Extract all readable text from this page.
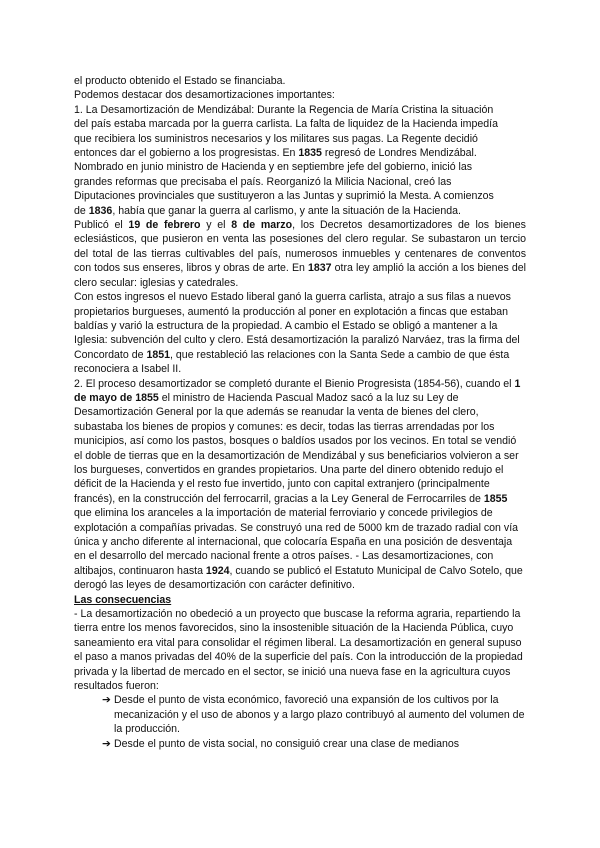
el producto obtenido el Estado se financiaba.

Podemos destacar dos desamortizaciones importantes:

1. La Desamortización de Mendizábal: Durante la Regencia de María Cristina la situación

del país estaba marcada por la guerra carlista. La falta de liquidez de la Hacienda impedía

que recibiera los suministros necesarios y los militares sus pagas. La Regente decidió

entonces dar el gobierno a los progresistas. En 1835 regresó de Londres Mendizábal.

Nombrado en junio ministro de Hacienda y en septiembre jefe del gobierno, inició las

grandes reformas que precisaba el país. Reorganizó la Milicia Nacional, creó las

Diputaciones provinciales que sustituyeron a las Juntas y suprimió la Mesta. A comienzos

de 1836, había que ganar la guerra al carlismo, y ante la situación de la Hacienda.

Publicó el 19 de febrero y el 8 de marzo, los Decretos desamortizadores de los bienes eclesiásticos, que pusieron en venta las posesiones del clero regular. Se subastaron un tercio del total de las tierras cultivables del país, numerosos inmuebles y centenares de conventos con todos sus enseres, libros y obras de arte. En 1837 otra ley amplió la acción a los bienes del clero secular: iglesias y catedrales.

Con estos ingresos el nuevo Estado liberal ganó la guerra carlista, atrajo a sus filas a nuevos propietarios burgueses, aumentó la producción al poner en explotación a fincas que estaban baldías y varió la estructura de la propiedad. A cambio el Estado se obligó a mantener a la Iglesia: subvención del culto y clero. Está desamortización la paralizó Narváez, tras la firma del Concordato de 1851, que restableció las relaciones con la Santa Sede a cambio de que ésta reconociera a Isabel II.

2. El proceso desamortizador se completó durante el Bienio Progresista (1854-56), cuando el 1 de mayo de 1855 el ministro de Hacienda Pascual Madoz sacó a la luz su Ley de Desamortización General por la que además se reanudar la venta de bienes del clero, subastaba los bienes de propios y comunes: es decir, todas las tierras arrendadas por los municipios, así como los pastos, bosques o baldíos usados por los vecinos. En total se vendió el doble de tierras que en la desamortización de Mendizábal y sus beneficiarios volvieron a ser los burgueses, convertidos en grandes propietarios. Una parte del dinero obtenido redujo el déficit de la Hacienda y el resto fue invertido, junto con capital extranjero (principalmente francés), en la construcción del ferrocarril, gracias a la Ley General de Ferrocarriles de 1855 que elimina los aranceles a la importación de material ferroviario y concede privilegios de explotación a compañías privadas. Se construyó una red de 5000 km de trazado radial con vía única y ancho diferente al internacional, que colocaría España en una posición de desventaja en el desarrollo del mercado nacional frente a otros países. - Las desamortizaciones, con altibajos, continuaron hasta 1924, cuando se publicó el Estatuto Municipal de Calvo Sotelo, que derogó las leyes de desamortización con carácter definitivo.

Las consecuencias

- La desamortización no obedeció a un proyecto que buscase la reforma agraria, repartiendo la tierra entre los menos favorecidos, sino la insostenible situación de la Hacienda Pública, cuyo saneamiento era vital para consolidar el régimen liberal. La desamortización en general supuso el paso a manos privadas del 40% de la superficie del país. Con la introducción de la propiedad privada y la libertad de mercado en el sector, se inició una nueva fase en la agricultura cuyos resultados fueron:

➔ Desde el punto de vista económico, favoreció una expansión de los cultivos por la mecanización y el uso de abonos y a largo plazo contribuyó al aumento del volumen de la producción.
➔ Desde el punto de vista social, no consiguió crear una clase de medianos
